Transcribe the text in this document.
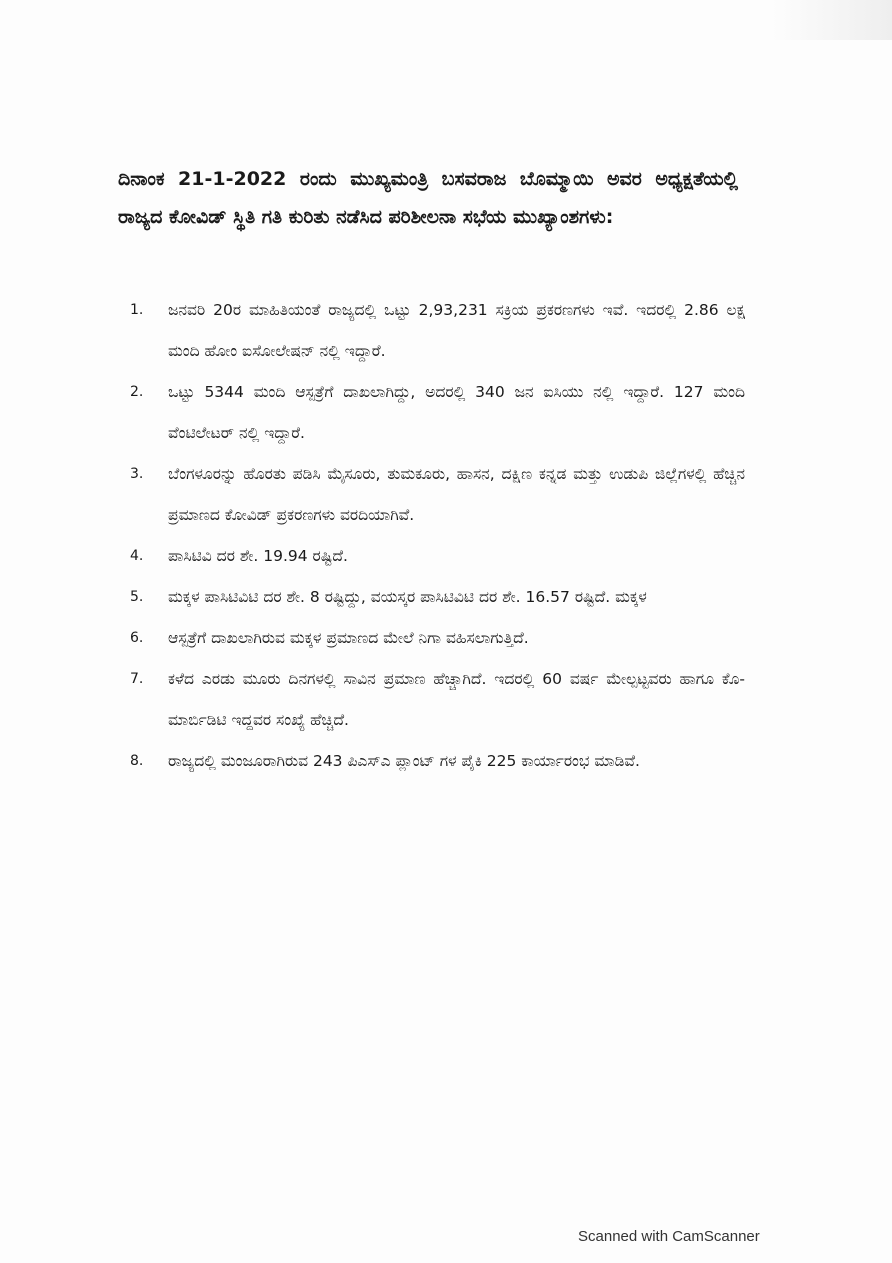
ದಿನಾಂಕ 21-1-2022 ರಂದು ಮುಖ್ಯಮಂತ್ರಿ ಬಸವರಾಜ ಬೊಮ್ಮಾಯಿ ಅವರ ಅಧ್ಯಕ್ಷತೆಯಲ್ಲಿ ರಾಜ್ಯದ ಕೋವಿಡ್ ಸ್ಥಿತಿ ಗತಿ ಕುರಿತು ನಡೆಸಿದ ಪರಿಶೀಲನಾ ಸಭೆಯ ಮುಖ್ಯಾಂಶಗಳು:

1.	ಜನವರಿ 20ರ ಮಾಹಿತಿಯಂತೆ ರಾಜ್ಯದಲ್ಲಿ ಒಟ್ಟು 2,93,231 ಸಕ್ರಿಯ ಪ್ರಕರಣಗಳು ಇವೆ. ಇದರಲ್ಲಿ 2.86 ಲಕ್ಷ ಮಂದಿ ಹೋಂ ಐಸೋಲೇಷನ್ ನಲ್ಲಿ ಇದ್ದಾರೆ.
2.	ಒಟ್ಟು 5344 ಮಂದಿ ಆಸ್ಪತ್ರೆಗೆ ದಾಖಲಾಗಿದ್ದು, ಅದರಲ್ಲಿ 340 ಜನ ಐಸಿಯು ನಲ್ಲಿ ಇದ್ದಾರೆ. 127 ಮಂದಿ ವೆಂಟಿಲೇಟರ್ ನಲ್ಲಿ ಇದ್ದಾರೆ.
3.	ಬೆಂಗಳೂರನ್ನು ಹೊರತು ಪಡಿಸಿ ಮೈಸೂರು, ತುಮಕೂರು, ಹಾಸನ, ದಕ್ಷಿಣ ಕನ್ನಡ ಮತ್ತು ಉಡುಪಿ ಜಿಲ್ಲೆಗಳಲ್ಲಿ ಹೆಚ್ಚಿನ ಪ್ರಮಾಣದ ಕೋವಿಡ್ ಪ್ರಕರಣಗಳು ವರದಿಯಾಗಿವೆ.
4.	ಪಾಸಿಟಿವಿ ದರ ಶೇ. 19.94 ರಷ್ಟಿದೆ.
5.	ಮಕ್ಕಳ ಪಾಸಿಟಿವಿಟಿ ದರ ಶೇ. 8 ರಷ್ಟಿದ್ದು, ವಯಸ್ಕರ ಪಾಸಿಟಿವಿಟಿ ದರ ಶೇ. 16.57 ರಷ್ಟಿದೆ. ಮಕ್ಕಳ
6.	ಆಸ್ಪತ್ರೆಗೆ ದಾಖಲಾಗಿರುವ ಮಕ್ಕಳ ಪ್ರಮಾಣದ ಮೇಲೆ ನಿಗಾ ವಹಿಸಲಾಗುತ್ತಿದೆ.
7.	ಕಳೆದ ಎರಡು ಮೂರು ದಿನಗಳಲ್ಲಿ ಸಾವಿನ ಪ್ರಮಾಣ ಹೆಚ್ಚಾಗಿದೆ. ಇದರಲ್ಲಿ 60 ವರ್ಷ ಮೇಲ್ಪಟ್ಟವರು ಹಾಗೂ ಕೊ-ಮಾರ್ಬಿಡಿಟಿ ಇದ್ದವರ ಸಂಖ್ಯೆ ಹೆಚ್ಚಿದೆ.
8.	ರಾಜ್ಯದಲ್ಲಿ ಮಂಜೂರಾಗಿರುವ 243 ಪಿಎಸ್ಎ ಪ್ಲಾಂಟ್ ಗಳ ಪೈಕಿ 225 ಕಾರ್ಯಾರಂಭ ಮಾಡಿವೆ.
Scanned with CamScanner
